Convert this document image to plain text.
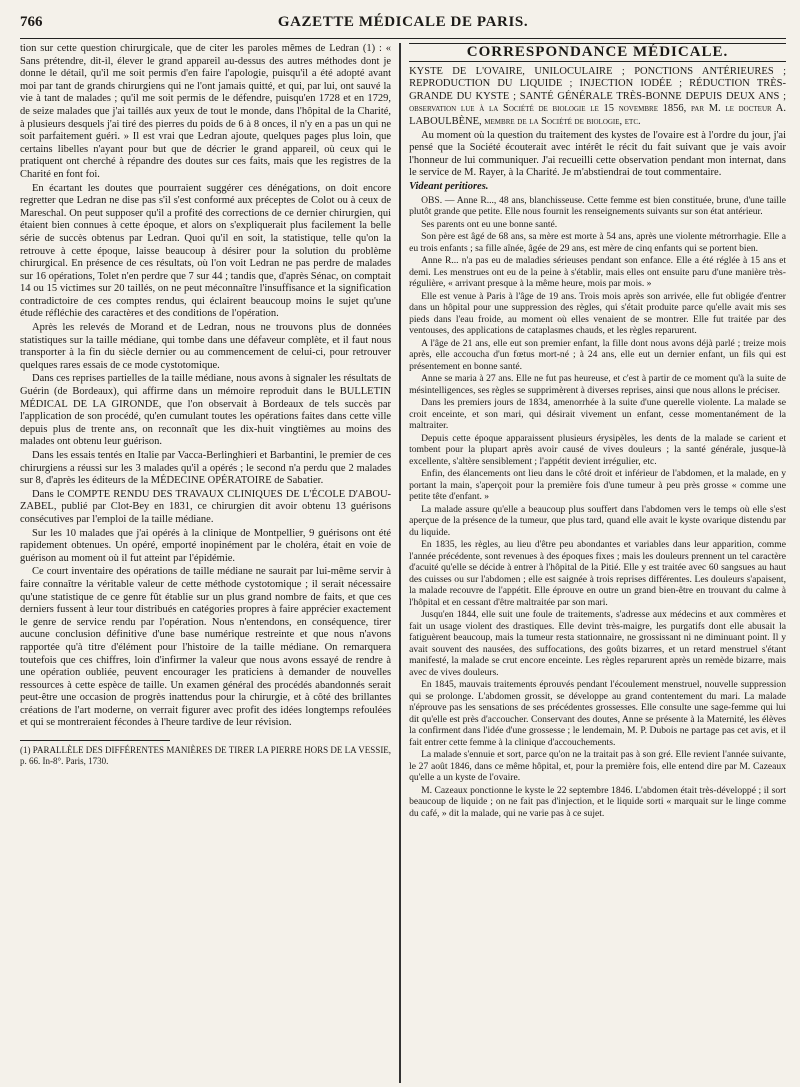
766	GAZETTE MÉDICALE DE PARIS.

tion sur cette question chirurgicale, que de citer les paroles mêmes de Ledran (1) : « Sans prétendre, dit-il, élever le grand appareil au-dessus des autres méthodes dont je donne le détail, qu'il me soit permis d'en faire l'apologie, puisqu'il a été adopté avant moi par tant de grands chirurgiens qui ne l'ont jamais quitté, et qui, par lui, ont sauvé la vie à tant de malades ; qu'il me soit permis de le défendre, puisqu'en 1728 et en 1729, de seize malades que j'ai taillés aux yeux de tout le monde, dans l'hôpital de la Charité, à plusieurs desquels j'ai tiré des pierres du poids de 6 à 8 onces, il n'y en a pas un qui ne soit parfaitement guéri. » Il est vrai que Ledran ajoute, quelques pages plus loin, que certains libelles n'ayant pour but que de décrier le grand appareil, où ceux qui le pratiquent ont cherché à répandre des doutes sur ces faits, mais que les registres de la Charité en font foi.

En écartant les doutes que pourraient suggérer ces dénégations, on doit encore regretter que Ledran ne dise pas s'il s'est conformé aux préceptes de Colot ou à ceux de Mareschal. On peut supposer qu'il a profité des corrections de ce dernier chirurgien, qui étaient bien connues à cette époque, et alors on s'expliquerait plus facilement la belle série de succès obtenus par Ledran. Quoi qu'il en soit, la statistique, telle qu'on la retrouve à cette époque, laisse beaucoup à désirer pour la solution du problème chirurgical. En présence de ces résultats, où l'on voit Ledran ne pas perdre de malades sur 16 opérations, Tolet n'en perdre que 7 sur 44 ; tandis que, d'après Sénac, on comptait 14 ou 15 victimes sur 20 taillés, on ne peut méconnaître l'insuffisance et la signification contradictoire de ces comptes rendus, qui éclairent beaucoup moins le sujet qu'une étude réfléchie des caractères et des conditions de l'opération.

Après les relevés de Morand et de Ledran, nous ne trouvons plus de données statistiques sur la taille médiane, qui tombe dans une défaveur complète, et il faut nous transporter à la fin du siècle dernier ou au commencement de celui-ci, pour retrouver quelques rares essais de ce mode cystotomique.

Dans ces reprises partielles de la taille médiane, nous avons à signaler les résultats de Guérin (de Bordeaux), qui affirme dans un mémoire reproduit dans le BULLETIN MÉDICAL DE LA GIRONDE, que l'on observait à Bordeaux de tels succès par l'application de son procédé, qu'en cumulant toutes les opérations faites dans cette ville depuis plus de trente ans, on reconnaît que les dix-huit vingtièmes au moins des malades ont obtenu leur guérison.

Dans les essais tentés en Italie par Vacca-Berlinghieri et Barbantini, le premier de ces chirurgiens a réussi sur les 3 malades qu'il a opérés ; le second n'a perdu que 2 malades sur 8, d'après les éditeurs de la MÉDECINE OPÉRATOIRE de Sabatier.

Dans le COMPTE RENDU DES TRAVAUX CLINIQUES DE L'ÉCOLE D'ABOU-ZABEL, publié par Clot-Bey en 1831, ce chirurgien dit avoir obtenu 13 guérisons consécutives par l'emploi de la taille médiane.

Sur les 10 malades que j'ai opérés à la clinique de Montpellier, 9 guérisons ont été rapidement obtenues. Un opéré, emporté inopinément par le choléra, était en voie de guérison au moment où il fut atteint par l'épidémie.

Ce court inventaire des opérations de taille médiane ne saurait par lui-même servir à faire connaître la véritable valeur de cette méthode cystotomique ; il serait nécessaire qu'une statistique de ce genre fût établie sur un plus grand nombre de faits, et que ces derniers fussent à leur tour distribués en catégories propres à faire apprécier exactement le genre de service rendu par l'opération. Nous n'entendons, en conséquence, tirer aucune conclusion définitive d'une base numérique restreinte et que nous n'avons rapportée qu'à titre d'élément pour l'histoire de la taille médiane. On remarquera toutefois que ces chiffres, loin d'infirmer la valeur que nous avons essayé de rendre à une opération oubliée, peuvent encourager les praticiens à demander de nouvelles ressources à cette espèce de taille. Un examen général des procédés abandonnés serait peut-être une occasion de progrès inattendus pour la chirurgie, et à côté des brillantes créations de l'art moderne, on verrait figurer avec profit des idées longtemps refoulées et qui se montreraient fécondes à l'heure tardive de leur révision.

(1) PARALLÈLE DES DIFFÉRENTES MANIÈRES DE TIRER LA PIERRE HORS DE LA VESSIE, p. 66. In-8°. Paris, 1730.

CORRESPONDANCE MÉDICALE.

KYSTE DE L'OVAIRE, UNILOCULAIRE ; PONCTIONS ANTÉRIEURES ; REPRODUCTION DU LIQUIDE ; INJECTION IODÉE ; RÉDUCTION TRÈS-GRANDE DU KYSTE ; SANTÉ GÉNÉRALE TRÈS-BONNE DEPUIS DEUX ANS ; observation lue à la Société de biologie le 15 novembre 1856, par M. le docteur A. LABOULBÈNE, membre de la Société de biologie, etc.

Au moment où la question du traitement des kystes de l'ovaire est à l'ordre du jour, j'ai pensé que la Société écouterait avec intérêt le récit du fait suivant que je vais avoir l'honneur de lui communiquer. J'ai recueilli cette observation pendant mon internat, dans le service de M. Rayer, à la Charité. Je m'abstiendrai de tout commentaire.

Videant peritiores.

OBS. — Anne R..., 48 ans, blanchisseuse. Cette femme est bien constituée, brune, d'une taille plutôt grande que petite. Elle nous fournit les renseignements suivants sur son état antérieur.

Ses parents ont eu une bonne santé.

Son père est âgé de 68 ans, sa mère est morte à 54 ans, après une violente métrorrhagie. Elle a eu trois enfants ; sa fille aînée, âgée de 29 ans, est mère de cinq enfants qui se portent bien.

Anne R... n'a pas eu de maladies sérieuses pendant son enfance. Elle a été réglée à 15 ans et demi. Les menstrues ont eu de la peine à s'établir, mais elles ont ensuite paru d'une manière très-régulière, « arrivant presque à la même heure, mois par mois. »

Elle est venue à Paris à l'âge de 19 ans. Trois mois après son arrivée, elle fut obligée d'entrer dans un hôpital pour une suppression des règles, qui s'était produite parce qu'elle avait mis ses pieds dans l'eau froide, au moment où elles venaient de se montrer. Elle fut traitée par des ventouses, des applications de cataplasmes chauds, et les règles reparurent.

A l'âge de 21 ans, elle eut son premier enfant, la fille dont nous avons déjà parlé ; treize mois après, elle accoucha d'un fœtus mort-né ; à 24 ans, elle eut un dernier enfant, un fils qui est présentement en bonne santé.

Anne se maria à 27 ans. Elle ne fut pas heureuse, et c'est à partir de ce moment qu'à la suite de mésintelligences, ses règles se supprimèrent à diverses reprises, ainsi que nous allons le préciser.

Dans les premiers jours de 1834, amenorrhée à la suite d'une querelle violente. La malade se croit enceinte, et son mari, qui désirait vivement un enfant, cesse momentanément de la maltraiter.

Depuis cette époque apparaissent plusieurs érysipèles, les dents de la malade se carient et tombent pour la plupart après avoir causé de vives douleurs ; la santé générale, jusque-là excellente, s'altère sensiblement ; l'appétit devient irrégulier, etc.

Enfin, des élancements ont lieu dans le côté droit et inférieur de l'abdomen, et la malade, en y portant la main, s'aperçoit pour la première fois d'une tumeur à peu près grosse « comme une petite tête d'enfant. »

La malade assure qu'elle a beaucoup plus souffert dans l'abdomen vers le temps où elle s'est aperçue de la présence de la tumeur, que plus tard, quand elle avait le kyste ovarique distendu par du liquide.

En 1835, les règles, au lieu d'être peu abondantes et variables dans leur apparition, comme l'année précédente, sont revenues à des époques fixes ; mais les douleurs prennent un tel caractère d'acuité qu'elle se décide à entrer à l'hôpital de la Pitié. Elle y est traitée avec 60 sangsues au haut des cuisses ou sur l'abdomen ; elle est saignée à trois reprises différentes. Les douleurs s'apaisent, la malade recouvre de l'appétit. Elle éprouve en outre un grand bien-être en trouvant du calme à l'hôpital et en cessant d'être maltraitée par son mari.

Jusqu'en 1844, elle suit une foule de traitements, s'adresse aux médecins et aux commères et fait un usage violent des drastiques. Elle devint très-maigre, les purgatifs dont elle abusait la fatiguèrent beaucoup, mais la tumeur resta stationnaire, ne grossissant ni ne diminuant point. Il y avait souvent des nausées, des suffocations, des goûts bizarres, et un retard menstruel s'étant manifesté, la malade se crut encore enceinte. Les règles reparurent après un remède bizarre, mais avec de vives douleurs.

En 1845, mauvais traitements éprouvés pendant l'écoulement menstruel, nouvelle suppression qui se prolonge. L'abdomen grossit, se développe au grand contentement du mari. La malade n'éprouve pas les sensations de ses précédentes grossesses. Elle consulte une sage-femme qui lui dit qu'elle est près d'accoucher. Conservant des doutes, Anne se présente à la Maternité, les élèves la confirment dans l'idée d'une grossesse ; le lendemain, M. P. Dubois ne partage pas cet avis, et il fait entrer cette femme à la clinique d'accouchements.

La malade s'ennuie et sort, parce qu'on ne la traitait pas à son gré. Elle revient l'année suivante, le 27 août 1846, dans ce même hôpital, et, pour la première fois, elle entend dire par M. Cazeaux qu'elle a un kyste de l'ovaire.

M. Cazeaux ponctionne le kyste le 22 septembre 1846. L'abdomen était très-développé ; il sort beaucoup de liquide ; on ne fait pas d'injection, et le liquide sorti « marquait sur le linge comme du café, » dit la malade, qui ne varie pas à ce sujet.
